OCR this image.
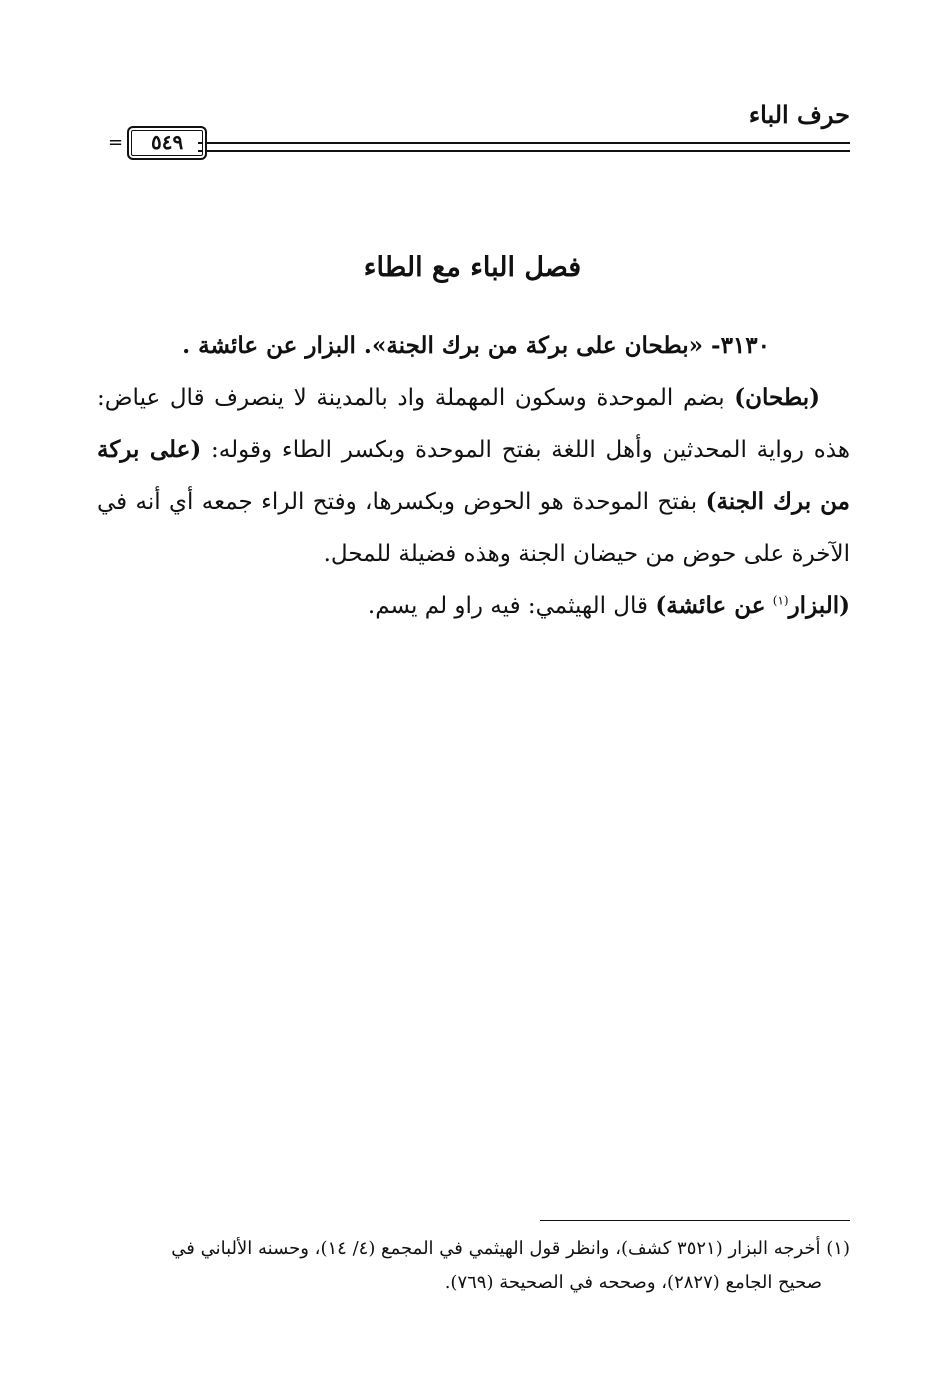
حرف الباء
=	٥٤٩
فصل الباء مع الطاء

٣١٣٠- «بطحان على بركة من برك الجنة». البزار عن عائشة .

(بطحان) بضم الموحدة وسكون المهملة واد بالمدينة لا ينصرف قال عياض: هذه رواية المحدثين وأهل اللغة بفتح الموحدة وبكسر الطاء وقوله: (على بركة من برك الجنة) بفتح الموحدة هو الحوض وبكسرها، وفتح الراء جمعه أي أنه في الآخرة على حوض من حيضان الجنة وهذه فضيلة للمحل.

(البزار$^{(١)}$ عن عائشة) قال الهيثمي: فيه راو لم يسم.

(١) أخرجه البزار (٣٥٢١ كشف)، وانظر قول الهيثمي في المجمع (٤/ ١٤)، وحسنه الألباني في

صحيح الجامع (٢٨٢٧)، وصححه في الصحيحة (٧٦٩).
